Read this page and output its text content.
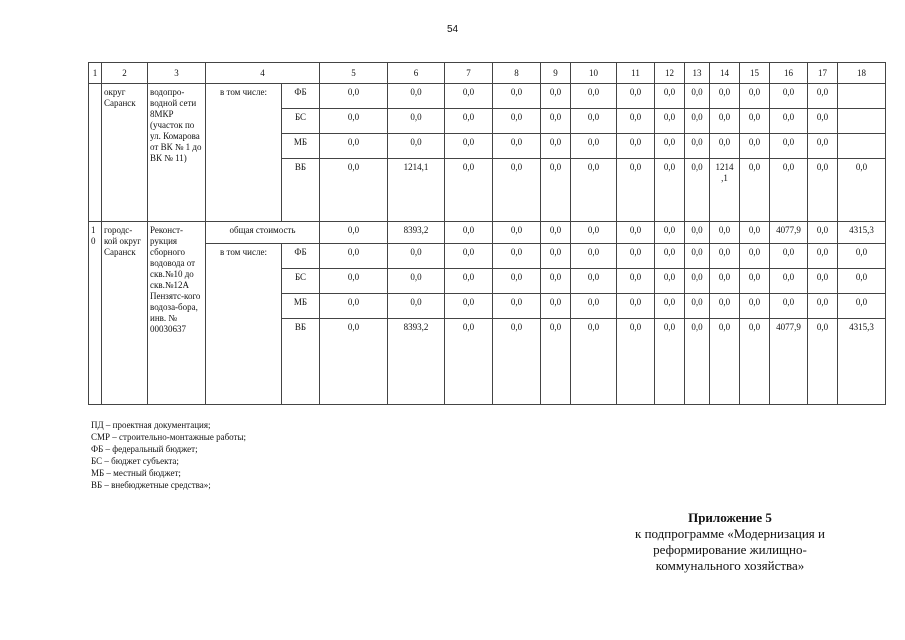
54
1	2	3	4		5	6	7	8	9	10	11	12	13	14	15	16	17	18
	округ Саранск	водопро-водной сети 8МКР (участок по ул. Комарова от ВК № 1 до ВК № 11)	в том числе:	ФБ	0,0	0,0	0,0	0,0	0,0	0,0	0,0	0,0	0,0	0,0	0,0	0,0	0,0	
				БС	0,0	0,0	0,0	0,0	0,0	0,0	0,0	0,0	0,0	0,0	0,0	0,0	0,0	
				МБ	0,0	0,0	0,0	0,0	0,0	0,0	0,0	0,0	0,0	0,0	0,0	0,0	0,0	
				ВБ	0,0	1214,1	0,0	0,0	0,0	0,0	0,0	0,0	0,0	1214 ,1	0,0	0,0	0,0	0,0
1 0	городс-кой округ Саранск	Реконст-рукция сборного водовода от скв.№10 до скв.№12А Пензятс-кого водоза-бора, инв. № 00030637	общая стоимость		0,0	8393,2	0,0	0,0	0,0	0,0	0,0	0,0	0,0	0,0	0,0	4077,9	0,0	4315,3
			в том числе:	ФБ	0,0	0,0	0,0	0,0	0,0	0,0	0,0	0,0	0,0	0,0	0,0	0,0	0,0	0,0
				БС	0,0	0,0	0,0	0,0	0,0	0,0	0,0	0,0	0,0	0,0	0,0	0,0	0,0	0,0
				МБ	0,0	0,0	0,0	0,0	0,0	0,0	0,0	0,0	0,0	0,0	0,0	0,0	0,0	0,0
				ВБ	0,0	8393,2	0,0	0,0	0,0	0,0	0,0	0,0	0,0	0,0	0,0	4077,9	0,0	4315,3
ПД – проектная документация;
СМР – строительно-монтажные работы;
ФБ – федеральный бюджет;
БС – бюджет субъекта;
МБ – местный бюджет;
ВБ – внебюджетные средства»;
Приложение 5
к подпрограмме «Модернизация и
реформирование жилищно-
коммунального хозяйства»
